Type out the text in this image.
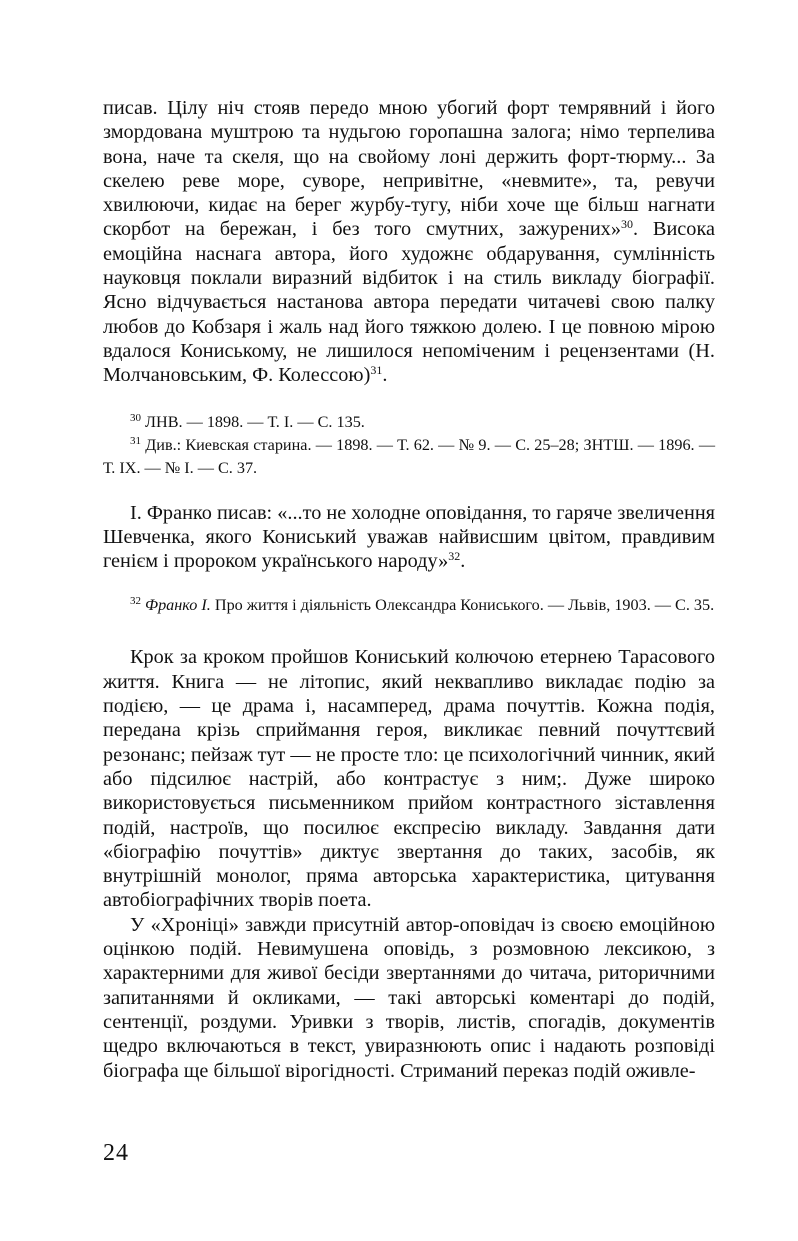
писав. Цілу ніч стояв передо мною убогий форт темрявний і його змордована муштрою та нудьгою горопашна залога; німо терпелива вона, наче та скеля, що на свойому лоні держить форт-тюрму... За скелею реве море, суворе, непривітне, «невмите», та, ревучи хвилюючи, кидає на берег журбу-тугу, ніби хоче ще більш нагнати скорбот на бережан, і без того смутних, зажурених»$^{30}$. Висока емоційна наснага автора, його художнє обдарування, сумлінність науковця поклали виразний відбиток і на стиль викладу біографії. Ясно відчувається настанова автора передати читачеві свою палку любов до Кобзаря і жаль над його тяжкою долею. І це повною мірою вдалося Кониському, не лишилося непоміченим і рецензентами (Н. Молчановським, Ф. Колессою)$^{31}$.

$^{30}$ ЛНВ. — 1898. — Т. І. — С. 135.
$^{31}$ Див.: Киевская старина. — 1898. — Т. 62. — № 9. — С. 25–28; ЗНТШ. — 1896. — Т. ІХ. — № І. — С. 37.

І. Франко писав: «...то не холодне оповідання, то гаряче звеличення Шевченка, якого Кониський уважав найвисшим цвітом, правдивим генієм і пророком українського народу»$^{32}$.

$^{32}$ Франко І. Про життя і діяльність Олександра Кониського. — Львів, 1903. — С. 35.

Крок за кроком пройшов Кониський колючою етернею Тарасового життя. Книга — не літопис, який неквапливо викладає подію за подією, — це драма і, насамперед, драма почуттів. Кожна подія, передана крізь сприймання героя, викликає певний почуттєвий резонанс; пейзаж тут — не просте тло: це психологічний чинник, який або підсилює настрій, або контрастує з ним;. Дуже широко використовується письменником прийом контрастного зіставлення подій, настроїв, що посилює експресію викладу. Завдання дати «біографію почуттів» диктує звертання до таких, засобів, як внутрішній монолог, пряма авторська характеристика, цитування автобіографічних творів поета.

У «Хроніці» завжди присутній автор-оповідач із своєю емоційною оцінкою подій. Невимушена оповідь, з розмовною лексикою, з характерними для живої бесіди звертаннями до читача, риторичними запитаннями й окликами, — такі авторські коментарі до подій, сентенції, роздуми. Уривки з творів, листів, спогадів, документів щедро включаються в текст, увиразнюють опис і надають розповіді біографа ще більшої вірогідності. Стриманий переказ подій оживле-

24
